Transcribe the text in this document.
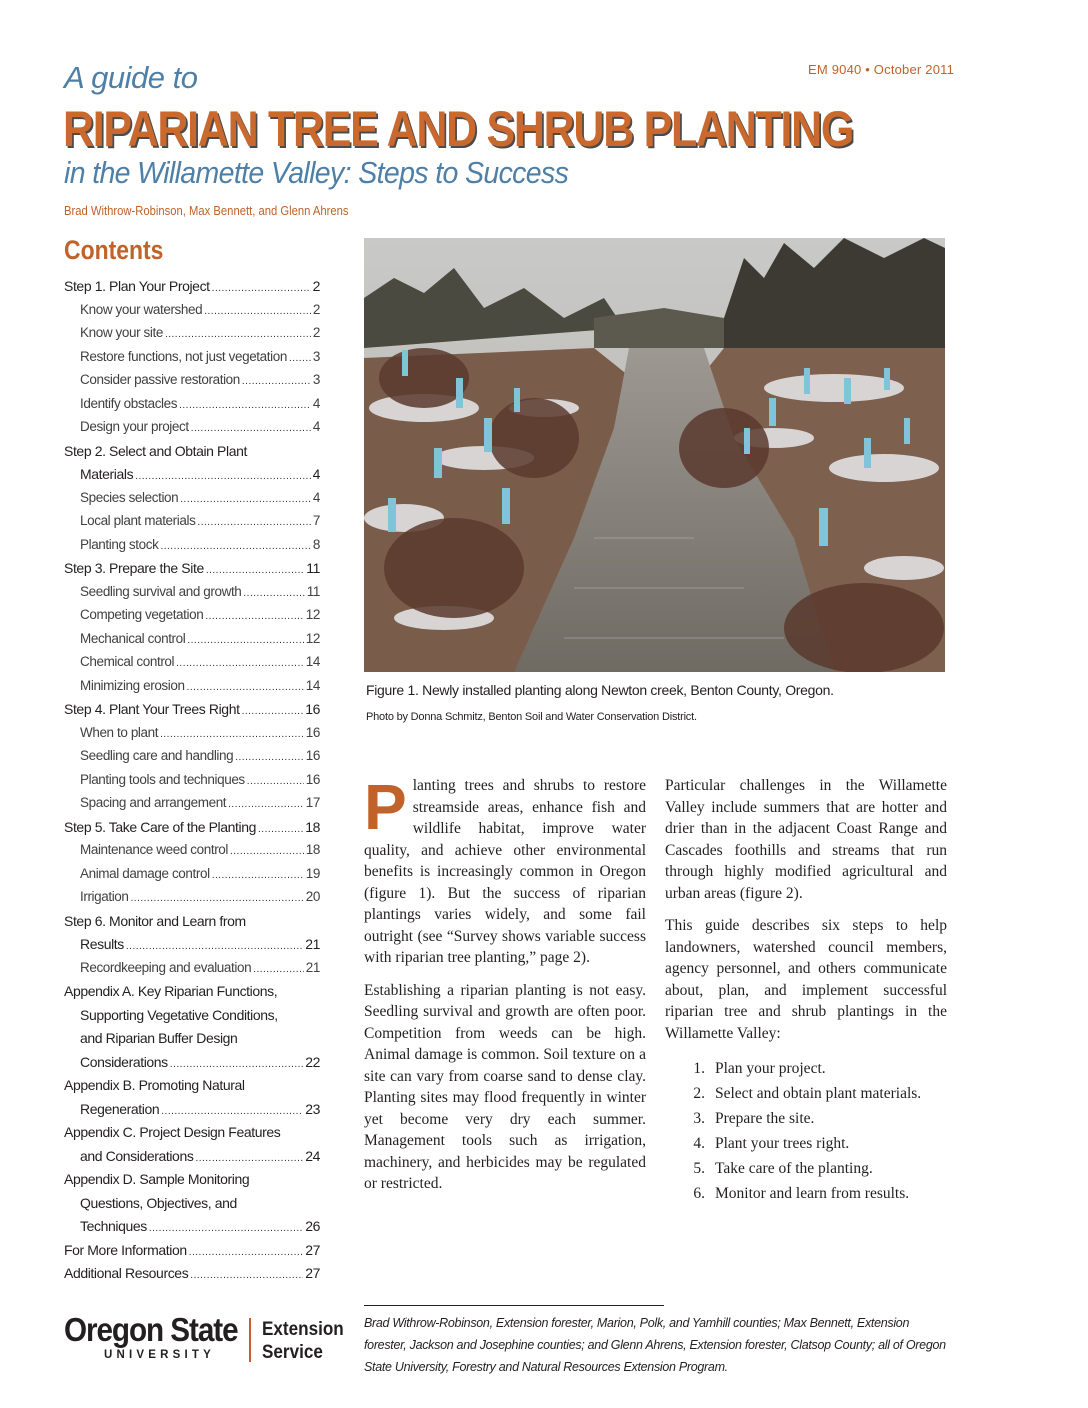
EM 9040 • October 2011
A guide to
RIPARIAN TREE AND SHRUB PLANTING
in the Willamette Valley: Steps to Success
Brad Withrow-Robinson, Max Bennett, and Glenn Ahrens
Contents
Step 1. Plan Your Project .....	2
Know your watershed .....	2
Know your site .....	2
Restore functions, not just vegetation ..... 3
Consider passive restoration .....	3
Identify obstacles .....	4
Design your project .....	4
Step 2. Select and Obtain Plant
Materials .....	4
Species selection .....	4
Local plant materials .....	7
Planting stock .....	8
Step 3. Prepare the Site .....	11
Seedling survival and growth .....	11
Competing vegetation .....	12
Mechanical control .....	12
Chemical control .....	14
Minimizing erosion .....	14
Step 4. Plant Your Trees Right .....	16
When to plant .....	16
Seedling care and handling .....	16
Planting tools and techniques .....	16
Spacing and arrangement .....	17
Step 5. Take Care of the Planting .....	18
Maintenance weed control .....	18
Animal damage control .....	19
Irrigation .....	20
Step 6. Monitor and Learn from
Results .....	21
Recordkeeping and evaluation .....	21
Appendix A. Key Riparian Functions,
Supporting Vegetative Conditions,
and Riparian Buffer Design
Considerations .....	22
Appendix B. Promoting Natural
Regeneration .....	23
Appendix C. Project Design Features
and Considerations .....	24
Appendix D. Sample Monitoring
Questions, Objectives, and
Techniques .....	26
For More Information .....	27
Additional Resources .....	27
Figure 1. Newly installed planting along Newton creek, Benton County, Oregon.
Photo by Donna Schmitz, Benton Soil and Water Conservation District.

Planting trees and shrubs to restore streamside areas, enhance fish and wildlife habitat, improve water quality, and achieve other environmental benefits is increasingly common in Oregon (figure 1). But the success of riparian plantings varies widely, and some fail outright (see “Survey shows variable success with riparian tree planting,” page 2).

Establishing a riparian planting is not easy. Seedling survival and growth are often poor. Competition from weeds can be high. Animal damage is common. Soil texture on a site can vary from coarse sand to dense clay. Planting sites may flood frequently in winter yet become very dry each summer. Management tools such as irrigation, machinery, and herbicides may be regulated or restricted.

Particular challenges in the Willamette Valley include summers that are hotter and drier than in the adjacent Coast Range and Cascades foothills and streams that run through highly modified agricultural and urban areas (figure 2).

This guide describes six steps to help landowners, watershed council members, agency personnel, and others communicate about, plan, and implement successful riparian tree and shrub plantings in the Willamette Valley:

1. Plan your project.
2. Select and obtain plant materials.
3. Prepare the site.
4. Plant your trees right.
5. Take care of the planting.
6. Monitor and learn from results.
Brad Withrow-Robinson, Extension forester, Marion, Polk, and Yamhill counties; Max Bennett, Extension forester, Jackson and Josephine counties; and Glenn Ahrens, Extension forester, Clatsop County; all of Oregon State University, Forestry and Natural Resources Extension Program.
Oregon State
UNIVERSITY
Extension
Service
